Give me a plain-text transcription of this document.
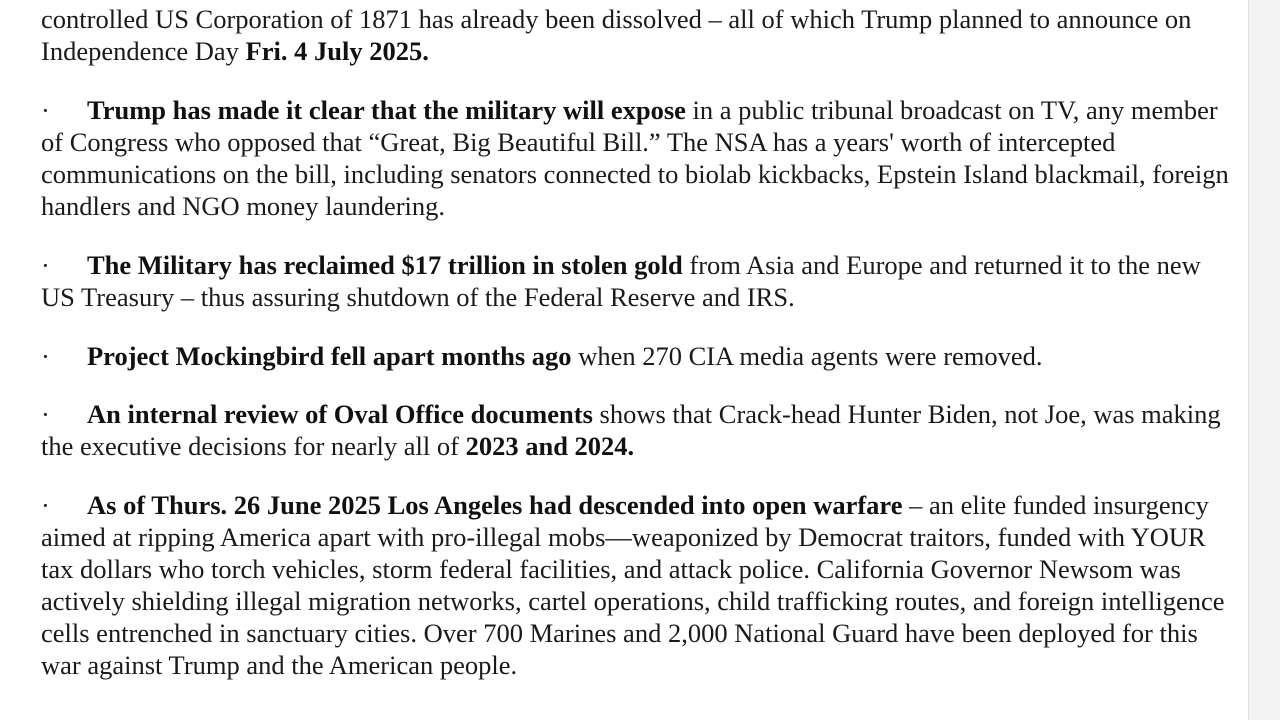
controlled US Corporation of 1871 has already been dissolved – all of which Trump planned to announce on Independence Day Fri. 4 July 2025.

· Trump has made it clear that the military will expose in a public tribunal broadcast on TV, any member of Congress who opposed that “Great, Big Beautiful Bill.” The NSA has a years' worth of intercepted communications on the bill, including senators connected to biolab kickbacks, Epstein Island blackmail, foreign handlers and NGO money laundering.

· The Military has reclaimed $17 trillion in stolen gold from Asia and Europe and returned it to the new US Treasury – thus assuring shutdown of the Federal Reserve and IRS.

· Project Mockingbird fell apart months ago when 270 CIA media agents were removed.

· An internal review of Oval Office documents shows that Crack-head Hunter Biden, not Joe, was making the executive decisions for nearly all of 2023 and 2024.

· As of Thurs. 26 June 2025 Los Angeles had descended into open warfare – an elite funded insurgency aimed at ripping America apart with pro-illegal mobs—weaponized by Democrat traitors, funded with YOUR tax dollars who torch vehicles, storm federal facilities, and attack police. California Governor Newsom was actively shielding illegal migration networks, cartel operations, child trafficking routes, and foreign intelligence cells entrenched in sanctuary cities. Over 700 Marines and 2,000 National Guard have been deployed for this war against Trump and the American people.
